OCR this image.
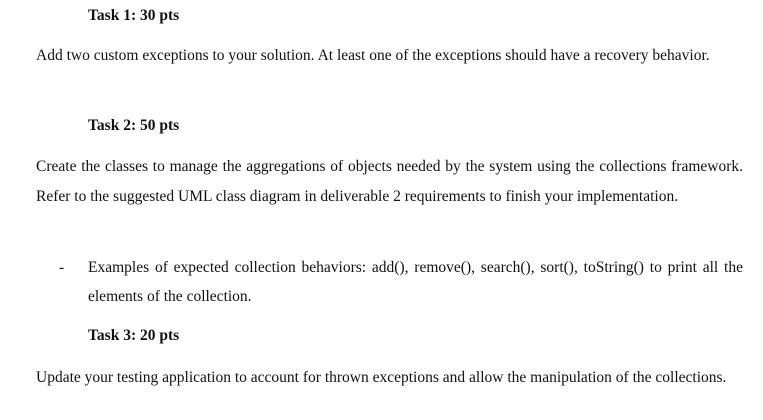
Task 1: 30 pts

Add two custom exceptions to your solution. At least one of the exceptions should have a recovery behavior.

Task 2: 50 pts

Create the classes to manage the aggregations of objects needed by the system using the collections framework. Refer to the suggested UML class diagram in deliverable 2 requirements to finish your implementation.

- Examples of expected collection behaviors: add(), remove(), search(), sort(), toString() to print all the elements of the collection.
Task 3: 20 pts

Update your testing application to account for thrown exceptions and allow the manipulation of the collections.
